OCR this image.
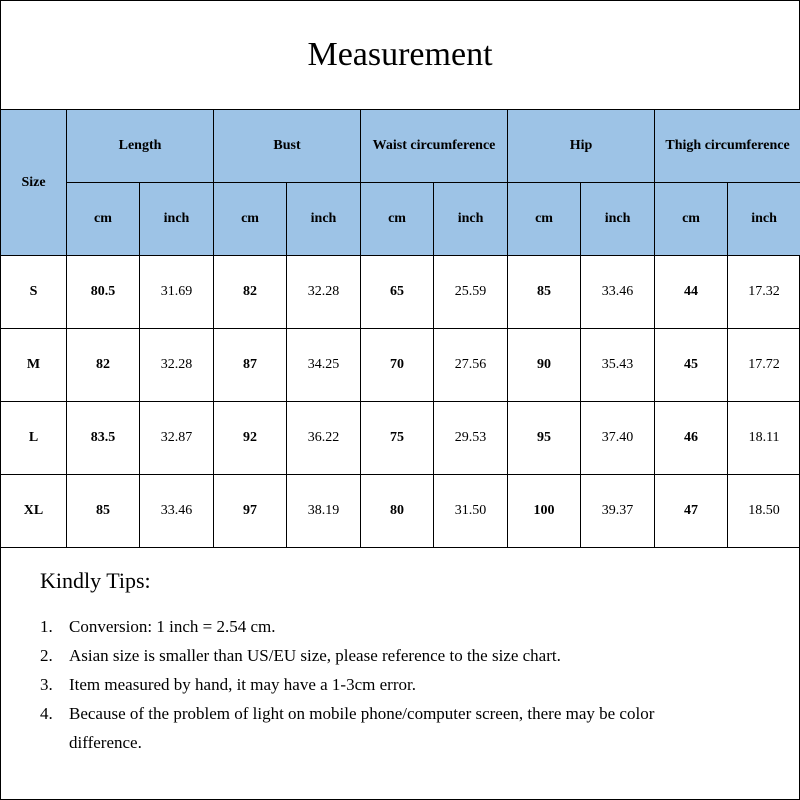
Measurement
Size	Length		Bust		Waist circumference		Hip		Thigh circumference	
	cm	inch	cm	inch	cm	inch	cm	inch	cm	inch
S	80.5	31.69	82	32.28	65	25.59	85	33.46	44	17.32
M	82	32.28	87	34.25	70	27.56	90	35.43	45	17.72
L	83.5	32.87	92	36.22	75	29.53	95	37.40	46	18.11
XL	85	33.46	97	38.19	80	31.50	100	39.37	47	18.50
Kindly Tips:
1. Conversion: 1 inch = 2.54 cm.
2. Asian size is smaller than US/EU size, please reference to the size chart.
3. Item measured by hand, it may have a 1-3cm error.
4. Because of the problem of light on mobile phone/computer screen, there may be color difference.
